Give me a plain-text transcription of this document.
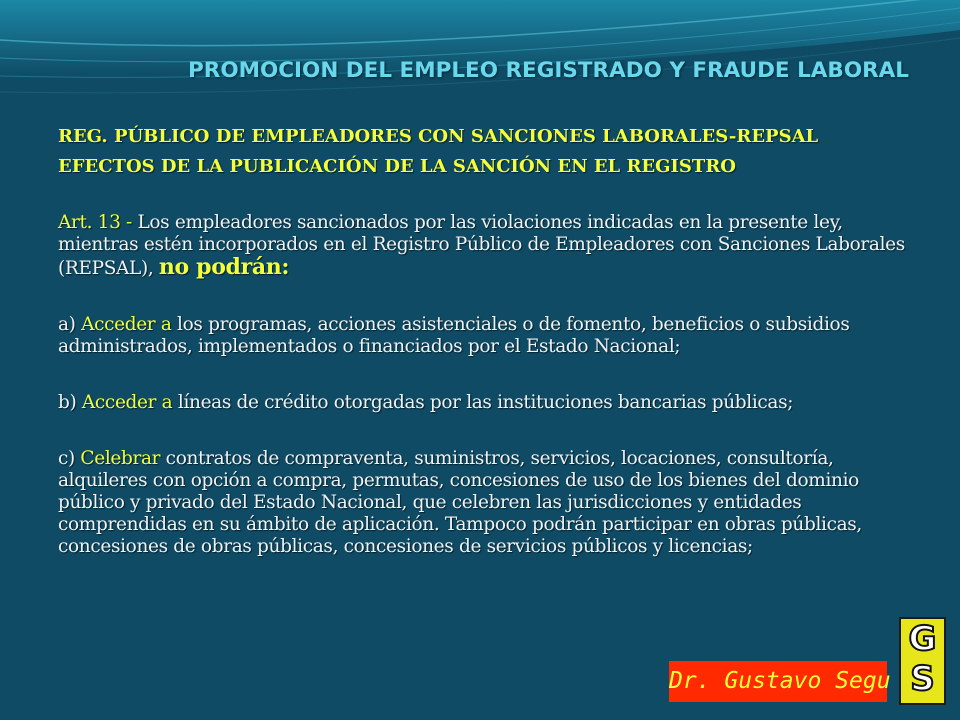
PROMOCION DEL EMPLEO REGISTRADO Y FRAUDE LABORAL
REG. PÚBLICO DE EMPLEADORES CON SANCIONES LABORALES-REPSAL
EFECTOS DE LA PUBLICACIÓN DE LA SANCIÓN EN EL REGISTRO

Art. 13 - Los empleadores sancionados por las violaciones indicadas en la presente ley, mientras estén incorporados en el Registro Público de Empleadores con Sanciones Laborales (REPSAL), no podrán:

a) Acceder a los programas, acciones asistenciales o de fomento, beneficios o subsidios administrados, implementados o financiados por el Estado Nacional;

b) Acceder a líneas de crédito otorgadas por las instituciones bancarias públicas;

c) Celebrar contratos de compraventa, suministros, servicios, locaciones, consultoría, alquileres con opción a compra, permutas, concesiones de uso de los bienes del dominio público y privado del Estado Nacional, que celebren las jurisdicciones y entidades comprendidas en su ámbito de aplicación. Tampoco podrán participar en obras públicas, concesiones de obras públicas, concesiones de servicios públicos y licencias;

Dr. Gustavo Segu
G
S
